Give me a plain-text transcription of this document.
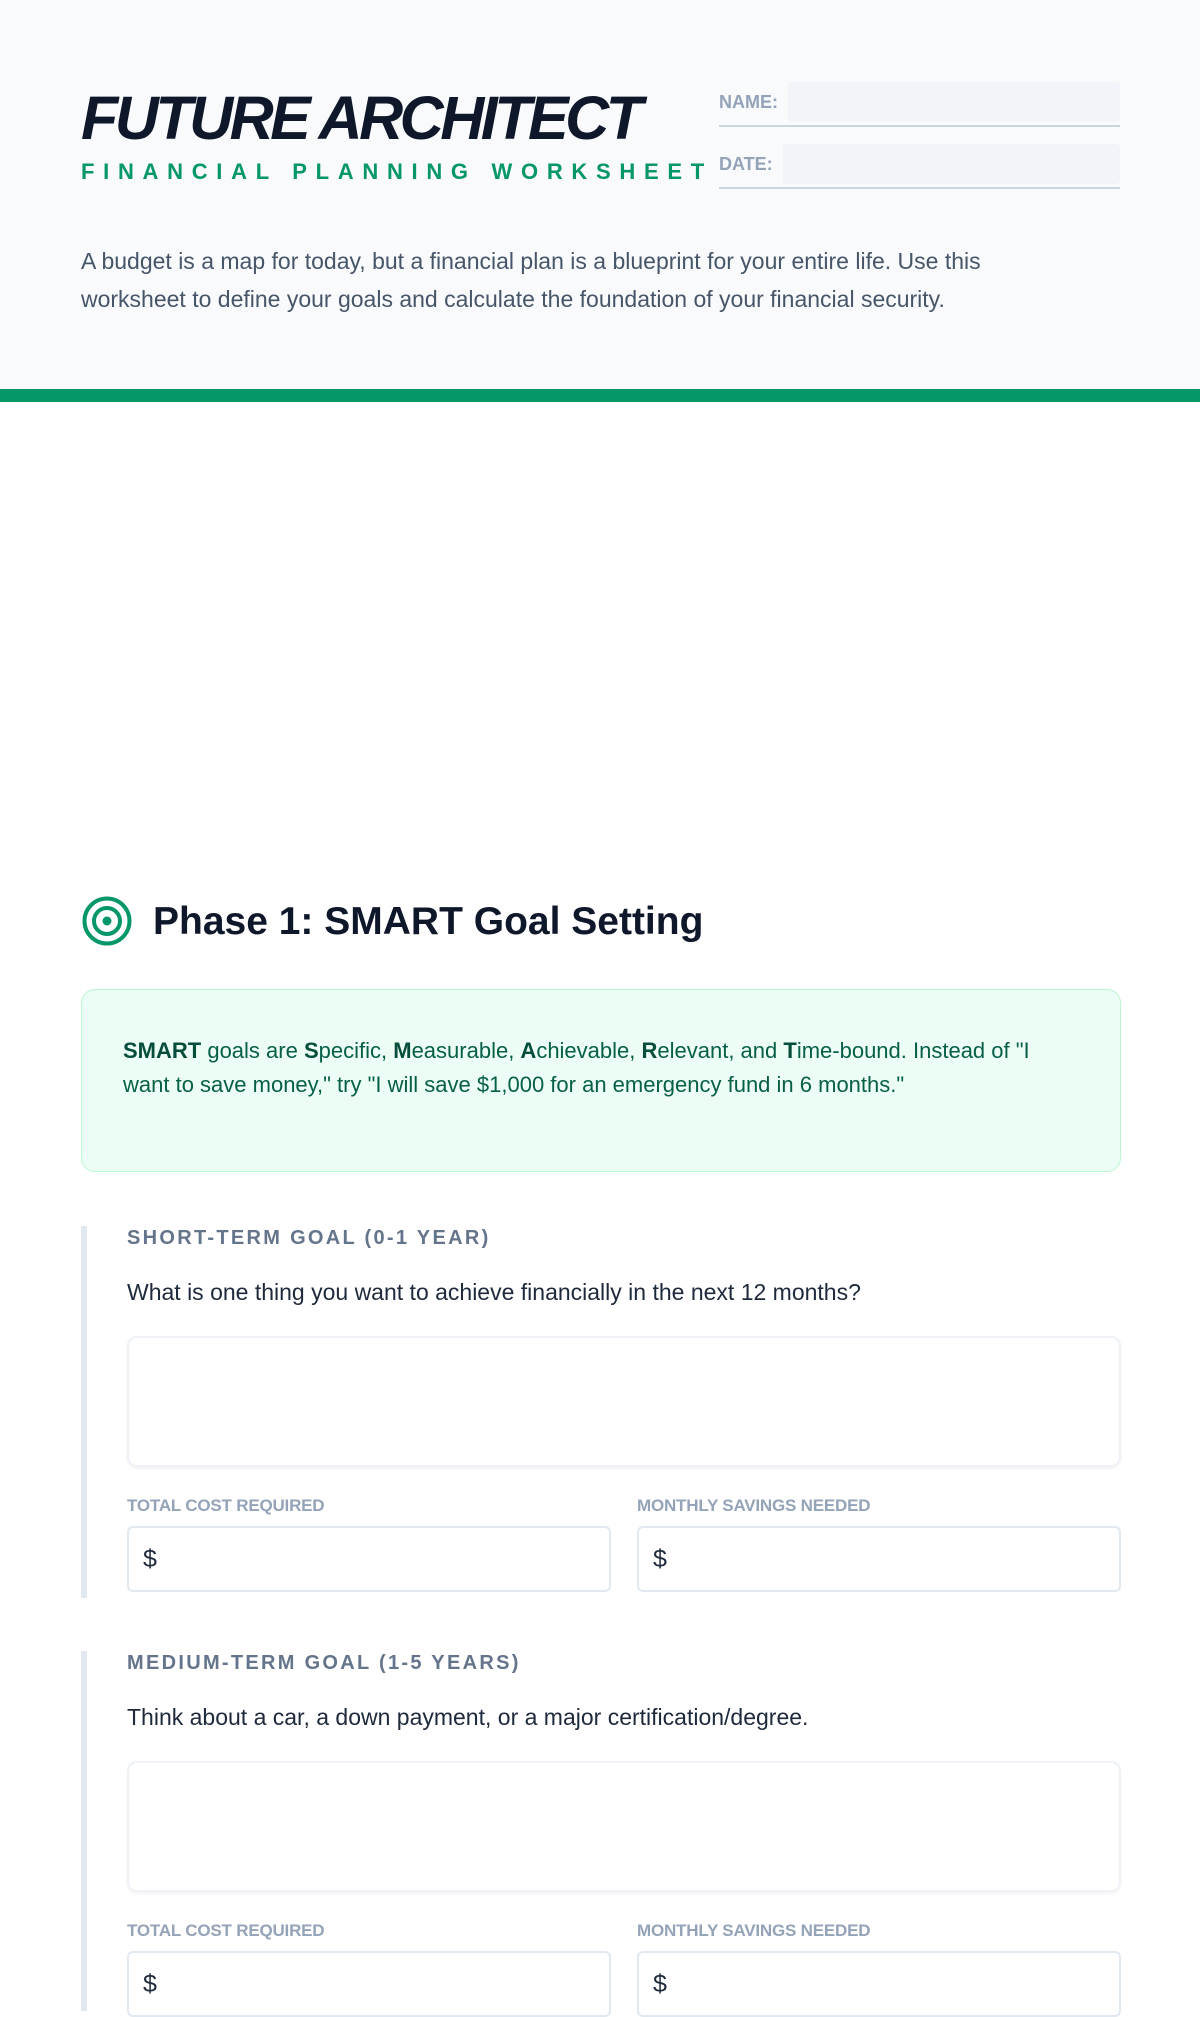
FUTURE ARCHITECT
FINANCIAL PLANNING WORKSHEET
NAME:
DATE:

A budget is a map for today, but a financial plan is a blueprint for your entire life. Use this worksheet to define your goals and calculate the foundation of your financial security.

Phase 1: SMART Goal Setting
SMART goals are Specific, Measurable, Achievable, Relevant, and Time-bound. Instead of "I want to save money," try "I will save $1,000 for an emergency fund in 6 months."
SHORT-TERM GOAL (0-1 YEAR)

What is one thing you want to achieve financially in the next 12 months?

TOTAL COST REQUIRED
$
MONTHLY SAVINGS NEEDED
$
MEDIUM-TERM GOAL (1-5 YEARS)

Think about a car, a down payment, or a major certification/degree.

TOTAL COST REQUIRED
$
MONTHLY SAVINGS NEEDED
$
